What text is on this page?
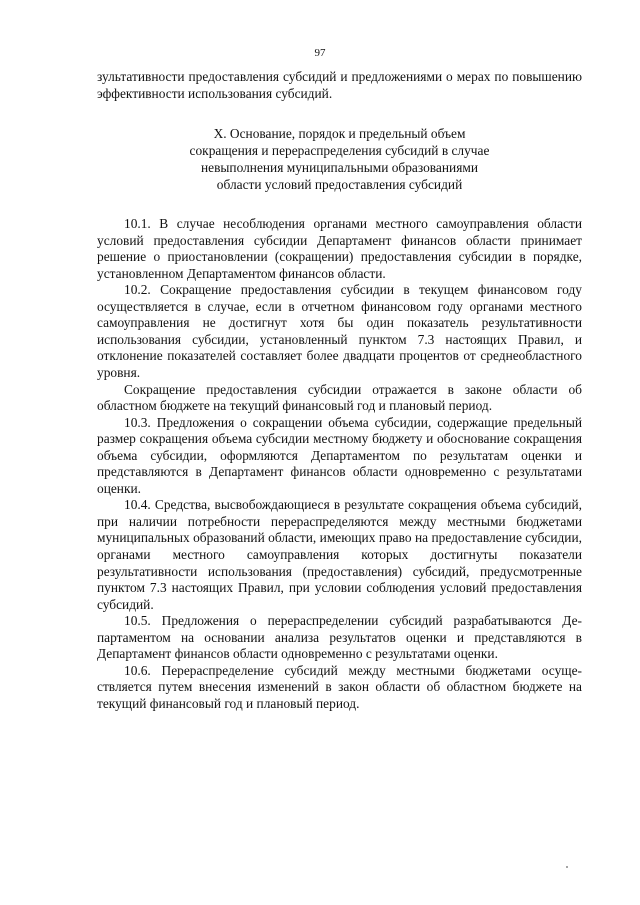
97

зультативности предоставления субсидий и предложениями о мерах по повышению эффективности использования субсидий.

X. Основание, порядок и предельный объем
сокращения и перераспределения субсидий в случае
невыполнения муниципальными образованиями
области условий предоставления субсидий

10.1. В случае несоблюдения органами местного самоуправления области условий предоставления субсидии Департамент финансов области принимает решение о приостановлении (сокращении) предоставления субсидии в порядке, установленном Департаментом финансов области.

10.2. Сокращение предоставления субсидии в текущем финансовом году осуществляется в случае, если в отчетном финансовом году органами местного самоуправления не достигнут хотя бы один показатель результативности использования субсидии, установленный пунктом 7.3 настоящих Правил, и отклонение показателей составляет более двадцати процентов от среднеобластного уровня.

Сокращение предоставления субсидии отражается в законе области об областном бюджете на текущий финансовый год и плановый период.

10.3. Предложения о сокращении объема субсидии, содержащие предельный размер сокращения объема субсидии местному бюджету и обоснование сокращения объема субсидии, оформляются Департаментом по результатам оценки и представляются в Департамент финансов области одновременно с результатами оценки.

10.4. Средства, высвобождающиеся в результате сокращения объема субсидий, при наличии потребности перераспределяются между местными бюджетами муниципальных образований области, имеющих право на предоставление субсидии, органами местного самоуправления которых достигнуты показатели результативности использования (предоставления) субсидий, предусмотренные пунктом 7.3 настоящих Правил, при условии соблюдения условий предоставления субсидий.

10.5. Предложения о перераспределении субсидий разрабатываются Департаментом на основании анализа результатов оценки и представляются в Департамент финансов области одновременно с результатами оценки.

10.6. Перераспределение субсидий между местными бюджетами осуществляется путем внесения изменений в закон области об областном бюджете на текущий финансовый год и плановый период.
